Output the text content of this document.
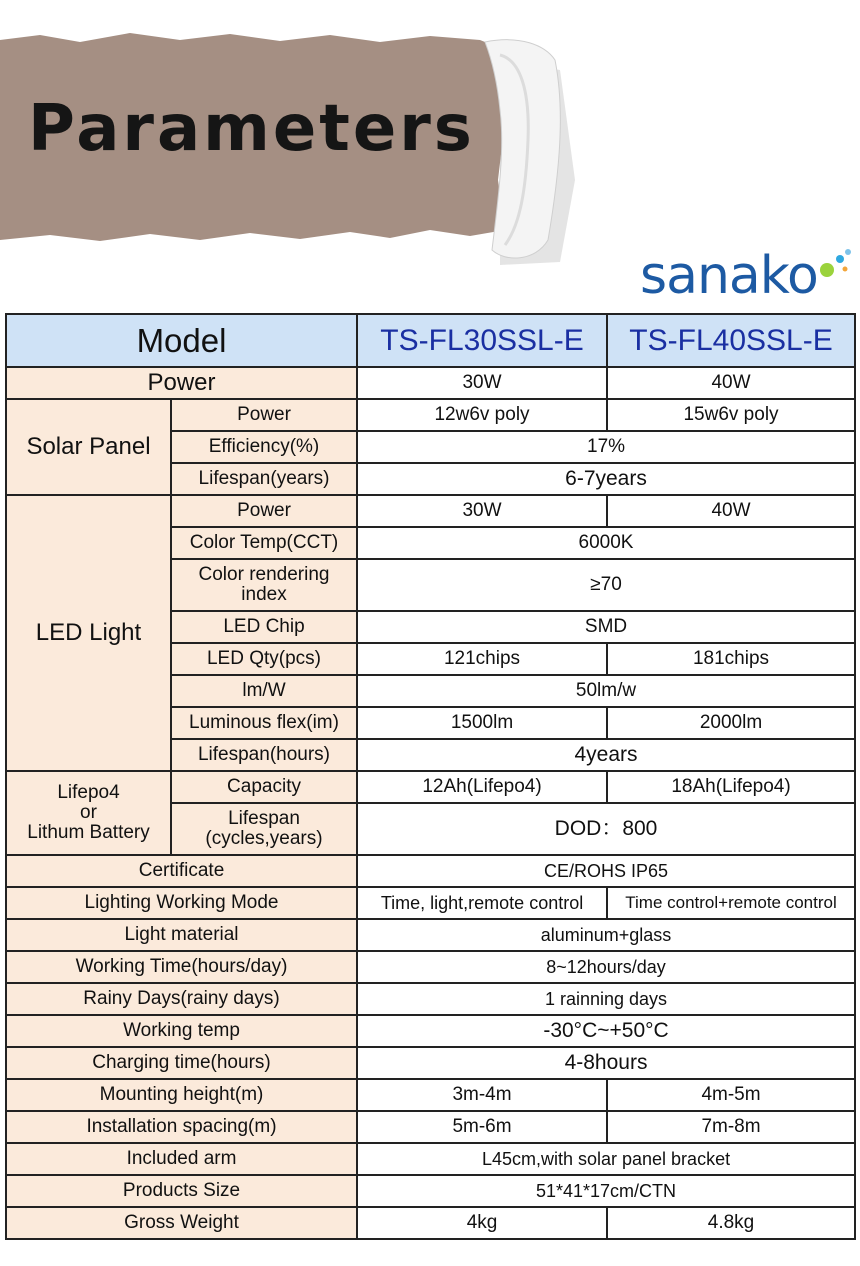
Parameters
sanako
Model		TS-FL30SSL-E	TS-FL40SSL-E
Power		30W	40W
Solar Panel	Power	12w6v poly	15w6v poly
	Efficiency(%)	17%	
	Lifespan(years)	6-7years	
LED Light	Power	30W	40W
	Color Temp(CCT)	6000K	

	Color rendering
index	≥70	
	LED Chip	SMD	
	LED Qty(pcs)	121chips	181chips
	lm/W	50lm/w	
	Luminous flex(im)	1500lm	2000lm
	Lifespan(hours)	4years	

Lifepo4
or
Lithum Battery	Capacity	12Ah(Lifepo4)	18Ah(Lifepo4)

	Lifespan
(cycles,years)	DOD：800	
Certificate		CE/ROHS IP65	
Lighting Working Mode		Time, light,remote control	Time control+remote control
Light material		aluminum+glass	
Working Time(hours/day)		8~12hours/day	
Rainy Days(rainy days)		1 rainning days	
Working temp		-30°C~+50°C	
Charging time(hours)		4-8hours	
Mounting height(m)		3m-4m	4m-5m
Installation spacing(m)		5m-6m	7m-8m
Included arm		L45cm,with solar panel bracket	
Products Size		51*41*17cm/CTN	
Gross Weight		4kg	4.8kg
